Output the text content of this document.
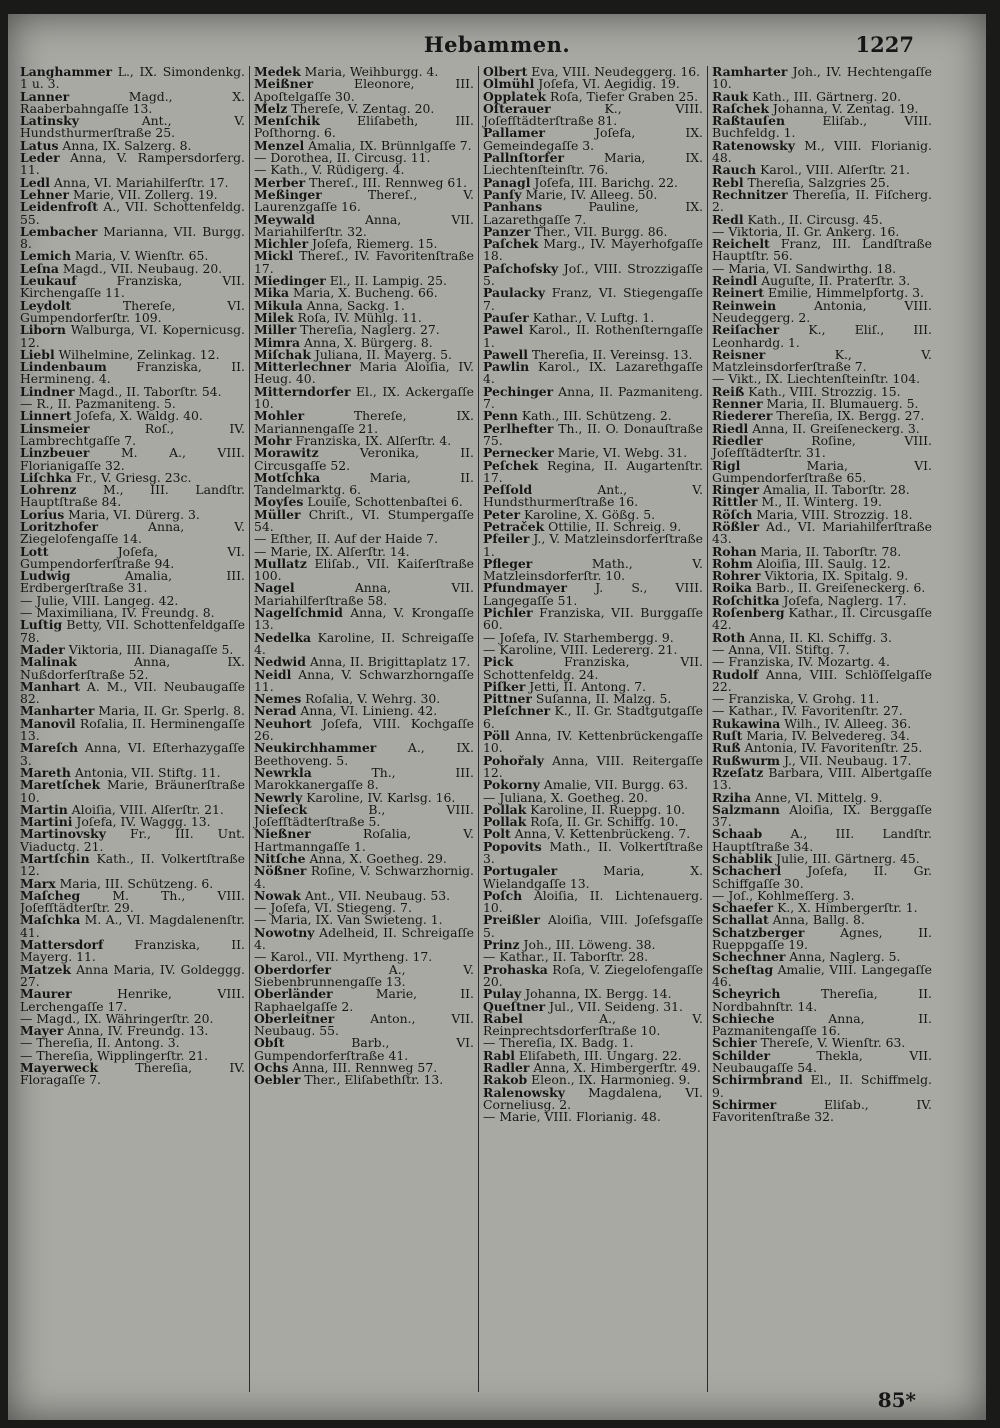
Hebammen.	1227

Langhammer L., IX. Simondenkg. 1 u. 3.

Lanner Magd., X. Raaberbahngaſſe 13.

Latinsky Ant., V. Hundsthurmerſtraße 25.

Latus Anna, IX. Salzerg. 8.

Leder Anna, V. Rampersdorferg. 11.

Ledl Anna, VI. Mariahilferſtr. 17.

Lehner Marie, VII. Zollerg. 19.

Leidenfroſt A., VII. Schottenfeldg. 55.

Lembacher Marianna, VII. Burgg. 8.

Lemich Maria, V. Wienſtr. 65.

Leſna Magd., VII. Neubaug. 20.

Leukauf Franziska, VII. Kirchengaſſe 11.

Leydolt Thereſe, VI. Gumpendorferſtr. 109.

Liborn Walburga, VI. Kopernicusg. 12.

Liebl Wilhelmine, Zelinkag. 12.

Lindenbaum Franziska, II. Hermineng. 4.

Lindner Magd., II. Taborſtr. 54.

— R., II. Pazmaniteng. 5.

Linnert Joſefa, X. Waldg. 40.

Linsmeier Roſ., IV. Lambrechtgaſſe 7.

Linzbeuer M. A., VIII. Florianigaſſe 32.

Liſchka Fr., V. Griesg. 23c.

Lohrenz M., III. Landſtr. Hauptſtraße 84.

Lorius Maria, VI. Dürerg. 3.

Loritzhofer Anna, V. Ziegelofengaſſe 14.

Lott Joſefa, VI. Gumpendorferſtraße 94.

Ludwig Amalia, III. Erdbergerſtraße 31.

— Julie, VIII. Langeg. 42.

— Maximiliana, IV. Freundg. 8.

Luſtig Betty, VII. Schottenfeldgaſſe 78.

Mader Viktoria, III. Dianagaſſe 5.

Malinak Anna, IX. Nußdorferſtraße 52.

Manhart A. M., VII. Neubaugaſſe 82.

Manharter Maria, II. Gr. Sperlg. 8.

Manovil Roſalia, II. Herminengaſſe 13.

Mareſch Anna, VI. Eſterhazygaſſe 3.

Mareth Antonia, VII. Stiftg. 11.

Maretſchek Marie, Bräunerſtraße 10.

Martin Aloiſia, VIII. Alſerſtr. 21.

Martini Joſefa, IV. Waggg. 13.

Martinovsky Fr., III. Unt. Viaductg. 21.

Martſchin Kath., II. Volkertſtraße 12.

Marx Maria, III. Schützeng. 6.

Maſcheg M. Th., VIII. Joſefſtädterſtr. 29.

Maſchka M. A., VI. Magdalenenſtr. 41.

Mattersdorf Franziska, II. Mayerg. 11.

Matzek Anna Maria, IV. Goldeggg. 27.

Maurer Henrike, VIII. Lerchengaſſe 17.

— Magd., IX. Währingerſtr. 20.

Mayer Anna, IV. Freundg. 13.

— Thereſia, II. Antong. 3.

— Thereſia, Wipplingerſtr. 21.

Mayerweck Thereſia, IV. Floragaſſe 7.

Medek Maria, Weihburgg. 4.

Meißner Eleonore, III. Apoſtelgaſſe 30.

Melz Thereſe, V. Zentag. 20.

Menſchik Eliſabeth, III. Poſthorng. 6.

Menzel Amalia, IX. Brünnlgaſſe 7.

— Dorothea, II. Circusg. 11.

— Kath., V. Rüdigerg. 4.

Merber Thereſ., III. Rennweg 61.

Meßinger Thereſ., V. Laurenzgaſſe 16.

Meywald Anna, VII. Mariahilferſtr. 32.

Michler Joſefa, Riemerg. 15.

Mickl Thereſ., IV. Favoritenſtraße 17.

Miedinger El., II. Lampig. 25.

Mika Maria, X. Bucheng. 66.

Mikula Anna, Sackg. 1.

Milek Roſa, IV. Mühlg. 11.

Miller Thereſia, Naglerg. 27.

Mimra Anna, X. Bürgerg. 8.

Miſchak Juliana, II. Mayerg. 5.

Mitterlechner Maria Aloiſia, IV. Heug. 40.

Mitterndorfer El., IX. Ackergaſſe 10.

Mohler Thereſe, IX. Mariannengaſſe 21.

Mohr Franziska, IX. Alſerſtr. 4.

Morawitz Veronika, II. Circusgaſſe 52.

Motſchka Maria, II. Tandelmarktg. 6.

Moyſes Louiſe, Schottenbaſtei 6.

Müller Chriſt., VI. Stumpergaſſe 54.

— Eſther, II. Auf der Haide 7.

— Marie, IX. Alſerſtr. 14.

Mullatz Eliſab., VII. Kaiſerſtraße 100.

Nagel Anna, VII. Mariahilferſtraße 58.

Nagelſchmid Anna, V. Krongaſſe 13.

Nedelka Karoline, II. Schreigaſſe 4.

Nedwid Anna, II. Brigittaplatz 17.

Neidl Anna, V. Schwarzhorngaſſe 11.

Nemes Roſalia, V. Wehrg. 30.

Nerad Anna, VI. Linieng. 42.

Neuhort Joſefa, VIII. Kochgaſſe 26.

Neukirchhammer A., IX. Beethoveng. 5.

Newrkla Th., III. Marokkanergaſſe 8.

Newrly Karoline, IV. Karlsg. 16.

Nieſeck B., VIII. Joſefſtädterſtraße 5.

Nießner Roſalia, V. Hartmanngaſſe 1.

Nitſche Anna, X. Goetheg. 29.

Nößner Roſine, V. Schwarzhornig. 4.

Nowak Ant., VII. Neubaug. 53.

— Joſefa, VI. Stiegeng. 7.

— Maria, IX. Van Swieteng. 1.

Nowotny Adelheid, II. Schreigaſſe 4.

— Karol., VII. Myrtheng. 17.

Oberdorfer A., V. Siebenbrunnengaſſe 13.

Oberländer Marie, II. Raphaelgaſſe 2.

Oberleitner Anton., VII. Neubaug. 55.

Obſt Barb., VI. Gumpendorferſtraße 41.

Ochs Anna, III. Rennweg 57.

Oebler Ther., Eliſabethſtr. 13.

Olbert Eva, VIII. Neudeggerg. 16.

Olmühl Joſefa, VI. Aegidig. 19.

Opplatek Roſa, Tiefer Graben 25.

Oſterauer K., VIII. Joſefſtädterſtraße 81.

Pallamer Joſefa, IX. Gemeindegaſſe 3.

Pallnſtorfer Maria, IX. Liechtenſteinſtr. 76.

Panagl Joſefa, III. Barichg. 22.

Panſy Marie, IV. Alleeg. 50.

Panhans Pauline, IX. Lazarethgaſſe 7.

Panzer Ther., VII. Burgg. 86.

Paſchek Marg., IV. Mayerhofgaſſe 18.

Paſchofsky Joſ., VIII. Strozzigaſſe 5.

Paulacky Franz, VI. Stiegengaſſe 7.

Pauſer Kathar., V. Luftg. 1.

Pawel Karol., II. Rothenſterngaſſe 1.

Pawell Thereſia, II. Vereinsg. 13.

Pawlin Karol., IX. Lazarethgaſſe 4.

Pechinger Anna, II. Pazmaniteng. 7.

Penn Kath., III. Schützeng. 2.

Perlhefter Th., II. O. Donauſtraße 75.

Pernecker Marie, VI. Webg. 31.

Peſchek Regina, II. Augartenſtr. 17.

Peſſold Ant., V. Hundsthurmerſtraße 16.

Peter Karoline, X. Gößg. 5.

Petraček Ottilie, II. Schreig. 9.

Pfeiler J., V. Matzleinsdorferſtraße 1.

Pfleger Math., V. Matzleinsdorferſtr. 10.

Pfundmayer J. S., VIII. Langegaſſe 51.

Pichler Franziska, VII. Burggaſſe 60.

— Joſefa, IV. Starhembergg. 9.

— Karoline, VIII. Ledererg. 21.

Pick Franziska, VII. Schottenfeldg. 24.

Piſker Jetti, II. Antong. 7.

Pittner Suſanna, II. Malzg. 5.

Pleſchner K., II. Gr. Stadtgutgaſſe 6.

Pöll Anna, IV. Kettenbrückengaſſe 10.

Pohořaly Anna, VIII. Reitergaſſe 12.

Pokorny Amalie, VII. Burgg. 63.

— Juliana, X. Goetheg. 20.

Pollak Karoline, II. Rueppg. 10.

Pollak Roſa, II. Gr. Schiffg. 10.

Polt Anna, V. Kettenbrückeng. 7.

Popovits Math., II. Volkertſtraße 3.

Portugaler Maria, X. Wielandgaſſe 13.

Poſch Aloiſia, II. Lichtenauerg. 10.

Preißler Aloiſia, VIII. Joſefsgaſſe 5.

Prinz Joh., III. Löweng. 38.

— Kathar., II. Taborſtr. 28.

Prohaska Roſa, V. Ziegelofengaſſe 20.

Pulay Johanna, IX. Bergg. 14.

Queſtner Jul., VII. Seideng. 31.

Rabel A., V. Reinprechtsdorferſtraße 10.

— Thereſia, IX. Badg. 1.

Rabl Eliſabeth, III. Ungarg. 22.

Radler Anna, X. Himbergerſtr. 49.

Rakob Eleon., IX. Harmonieg. 9.

Ralenowsky Magdalena, VI. Corneliusg. 2.

— Marie, VIII. Florianig. 48.

Ramharter Joh., IV. Hechtengaſſe 10.

Rauk Kath., III. Gärtnerg. 20.

Raſchek Johanna, V. Zentag. 19.

Raßtauſen Eliſab., VIII. Buchfeldg. 1.

Ratenowsky M., VIII. Florianig. 48.

Rauch Karol., VIII. Alſerſtr. 21.

Rebl Thereſia, Salzgries 25.

Rechnitzer Thereſia, II. Fiſcherg. 2.

Redl Kath., II. Circusg. 45.

— Viktoria, II. Gr. Ankerg. 16.

Reichelt Franz, III. Landſtraße Hauptſtr. 56.

— Maria, VI. Sandwirthg. 18.

Reindl Auguſte, II. Praterſtr. 3.

Reinert Emilie, Himmelpfortg. 3.

Reinwein Antonia, VIII. Neudeggerg. 2.

Reiſacher K., Eliſ., III. Leonhardg. 1.

Reisner K., V. Matzleinsdorferſtraße 7.

— Vikt., IX. Liechtenſteinſtr. 104.

Reiß Kath., VIII. Strozzig. 15.

Renner Maria, II. Blumauerg. 5.

Riederer Thereſia, IX. Bergg. 27.

Riedl Anna, II. Greiſeneckerg. 3.

Riedler Roſine, VIII. Joſefſtädterſtr. 31.

Rigl Maria, VI. Gumpendorferſtraße 65.

Ringer Amalia, II. Taborſtr. 28.

Rittler M., II. Winterg. 19.

Röſch Maria, VIII. Strozzig. 18.

Rößler Ad., VI. Mariahilferſtraße 43.

Rohan Maria, II. Taborſtr. 78.

Rohm Aloiſia, III. Saulg. 12.

Rohrer Viktoria, IX. Spitalg. 9.

Roika Barb., II. Greiſeneckerg. 6.

Roſchitka Joſefa, Naglerg. 17.

Roſenberg Kathar., II. Circusgaſſe 42.

Roth Anna, II. Kl. Schiffg. 3.

— Anna, VII. Stiftg. 7.

— Franziska, IV. Mozartg. 4.

Rudolf Anna, VIII. Schlöſſelgaſſe 22.

— Franziska, V. Grohg. 11.

— Kathar., IV. Favoritenſtr. 27.

Rukawina Wilh., IV. Alleeg. 36.

Ruſt Maria, IV. Belvedereg. 34.

Ruß Antonia, IV. Favoritenſtr. 25.

Rußwurm J., VII. Neubaug. 17.

Rzeſatz Barbara, VIII. Albertgaſſe 13.

Rziha Anne, VI. Mittelg. 9.

Salzmann Aloiſia, IX. Berggaſſe 37.

Schaab A., III. Landſtr. Hauptſtraße 34.

Schablik Julie, III. Gärtnerg. 45.

Schacherl Joſefa, II. Gr. Schiffgaſſe 30.

— Joſ., Kohlmeſſerg. 3.

Schaefer K., X. Himbergerſtr. 1.

Schallat Anna, Ballg. 8.

Schatzberger Agnes, II. Rueppgaſſe 19.

Schechner Anna, Naglerg. 5.

Scheſtag Amalie, VIII. Langegaſſe 46.

Scheyrich Thereſia, II. Nordbahnſtr. 14.

Schieche Anna, II. Pazmanitengaſſe 16.

Schier Thereſe, V. Wienſtr. 63.

Schilder Thekla, VII. Neubaugaſſe 54.

Schirmbrand El., II. Schiffmelg. 9.

Schirmer Eliſab., IV. Favoritenſtraße 32.

85*
